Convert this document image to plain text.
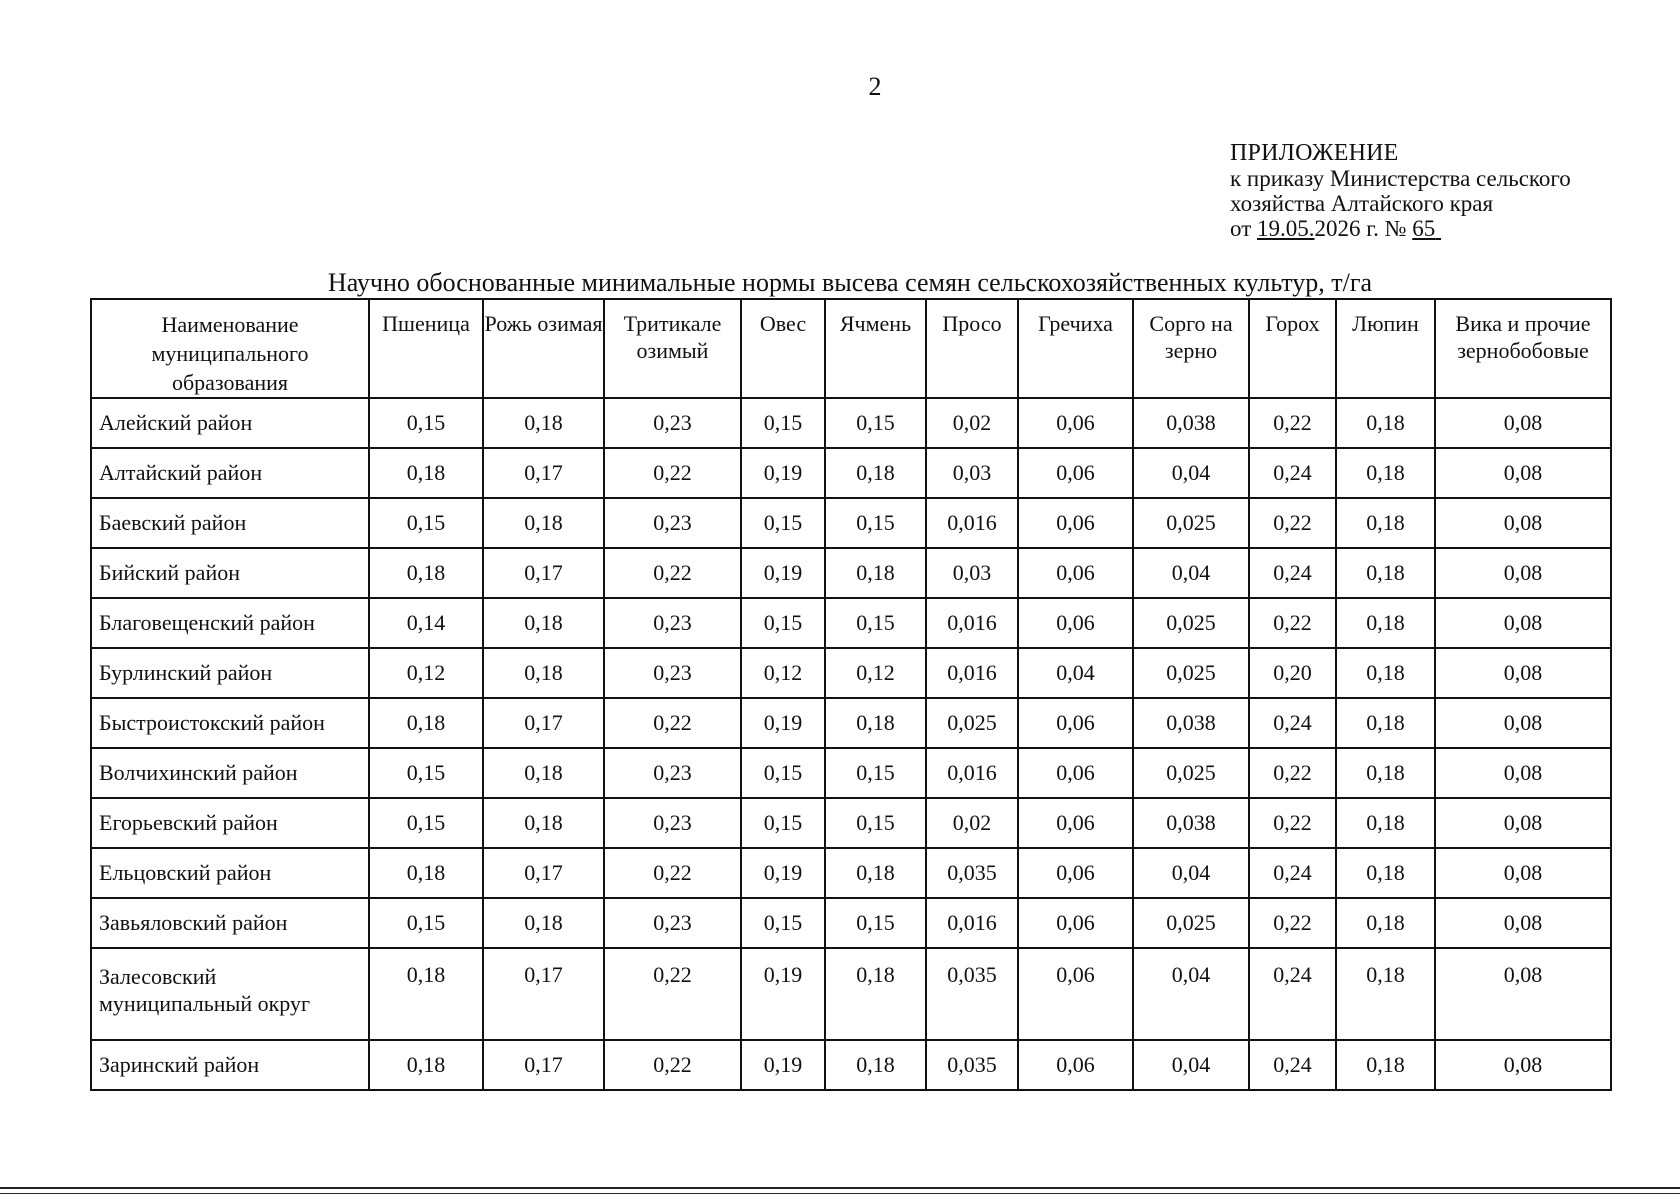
2
ПРИЛОЖЕНИЕ
к приказу Министерства сельского
хозяйства Алтайского края
от 19.05.2026 г. № 65
Научно обоснованные минимальные нормы высева семян сельскохозяйственных культур, т/га
Наименование муниципального образования	Пшеница	Рожь озимая	Тритикале озимый	Овес	Ячмень	Просо	Гречиха	Сорго на зерно	Горох	Люпин	Вика и прочие зернобобовые
Алейский район	0,15	0,18	0,23	0,15	0,15	0,02	0,06	0,038	0,22	0,18	0,08
Алтайский район	0,18	0,17	0,22	0,19	0,18	0,03	0,06	0,04	0,24	0,18	0,08
Баевский район	0,15	0,18	0,23	0,15	0,15	0,016	0,06	0,025	0,22	0,18	0,08
Бийский район	0,18	0,17	0,22	0,19	0,18	0,03	0,06	0,04	0,24	0,18	0,08
Благовещенский район	0,14	0,18	0,23	0,15	0,15	0,016	0,06	0,025	0,22	0,18	0,08
Бурлинский район	0,12	0,18	0,23	0,12	0,12	0,016	0,04	0,025	0,20	0,18	0,08
Быстроистокский район	0,18	0,17	0,22	0,19	0,18	0,025	0,06	0,038	0,24	0,18	0,08
Волчихинский район	0,15	0,18	0,23	0,15	0,15	0,016	0,06	0,025	0,22	0,18	0,08
Егорьевский район	0,15	0,18	0,23	0,15	0,15	0,02	0,06	0,038	0,22	0,18	0,08
Ельцовский район	0,18	0,17	0,22	0,19	0,18	0,035	0,06	0,04	0,24	0,18	0,08
Завьяловский район	0,15	0,18	0,23	0,15	0,15	0,016	0,06	0,025	0,22	0,18	0,08
Залесовский муниципальный округ	0,18	0,17	0,22	0,19	0,18	0,035	0,06	0,04	0,24	0,18	0,08
Заринский район	0,18	0,17	0,22	0,19	0,18	0,035	0,06	0,04	0,24	0,18	0,08
